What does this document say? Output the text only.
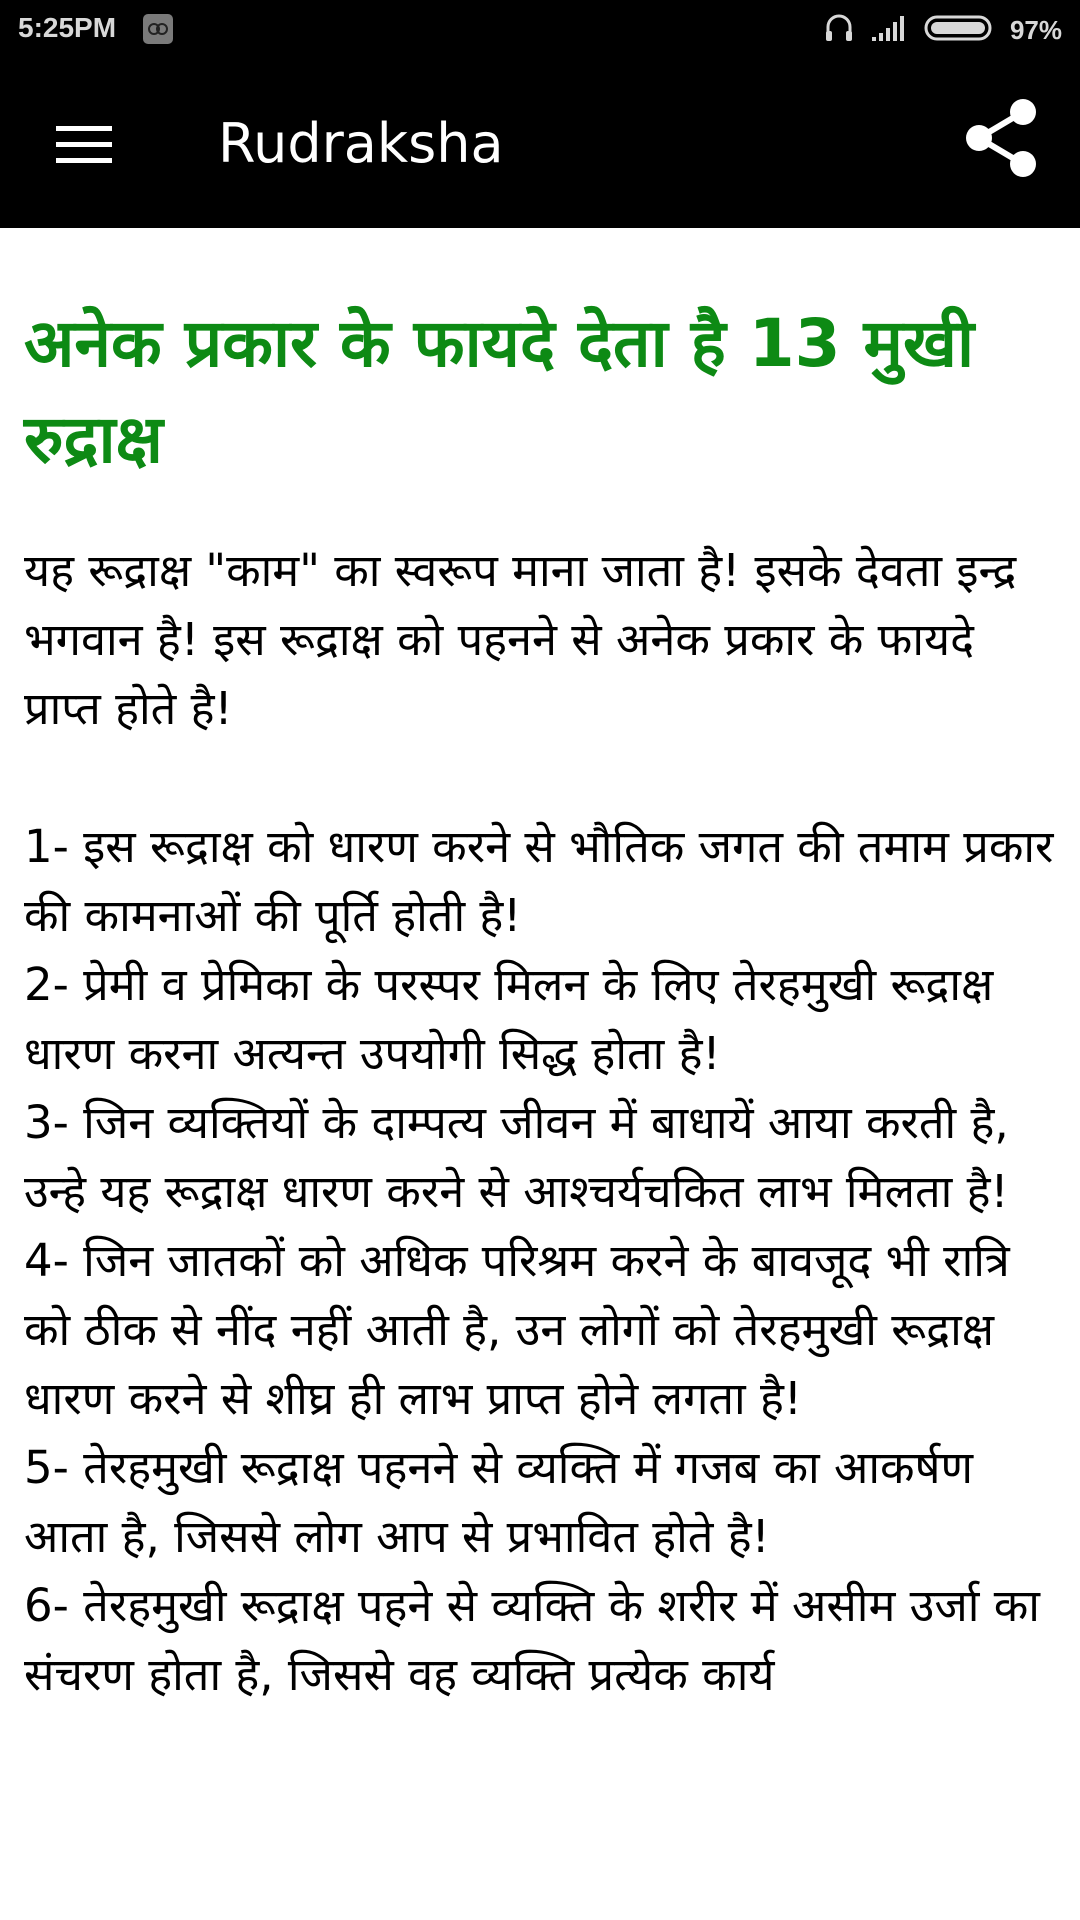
5:25PM	97%
Rudraksha
अनेक प्रकार के फायदे देता है 13 मुखी रुद्राक्ष

यह रूद्राक्ष "काम" का स्वरूप माना जाता है! इसके देवता इन्द्र भगवान है! इस रूद्राक्ष को पहनने से अनेक प्रकार के फायदे प्राप्त होते है!

1- इस रूद्राक्ष को धारण करने से भौतिक जगत की तमाम प्रकार की कामनाओं की पूर्ति होती है!

2- प्रेमी व प्रेमिका के परस्पर मिलन के लिए तेरहमुखी रूद्राक्ष धारण करना अत्यन्त उपयोगी सिद्ध होता है!

3- जिन व्यक्तियों के दाम्पत्य जीवन में बाधायें आया करती है, उन्हे यह रूद्राक्ष धारण करने से आश्चर्यचकित लाभ मिलता है!

4- जिन जातकों को अधिक परिश्रम करने के बावजूद भी रात्रि को ठीक से नींद नहीं आती है, उन लोगों को तेरहमुखी रूद्राक्ष धारण करने से शीघ्र ही लाभ प्राप्त होने लगता है!

5- तेरहमुखी रूद्राक्ष पहनने से व्यक्ति में गजब का आकर्षण आता है, जिससे लोग आप से प्रभावित होते है!

6- तेरहमुखी रूद्राक्ष पहने से व्यक्ति के शरीर में असीम उर्जा का संचरण होता है, जिससे वह व्यक्ति प्रत्येक कार्य
